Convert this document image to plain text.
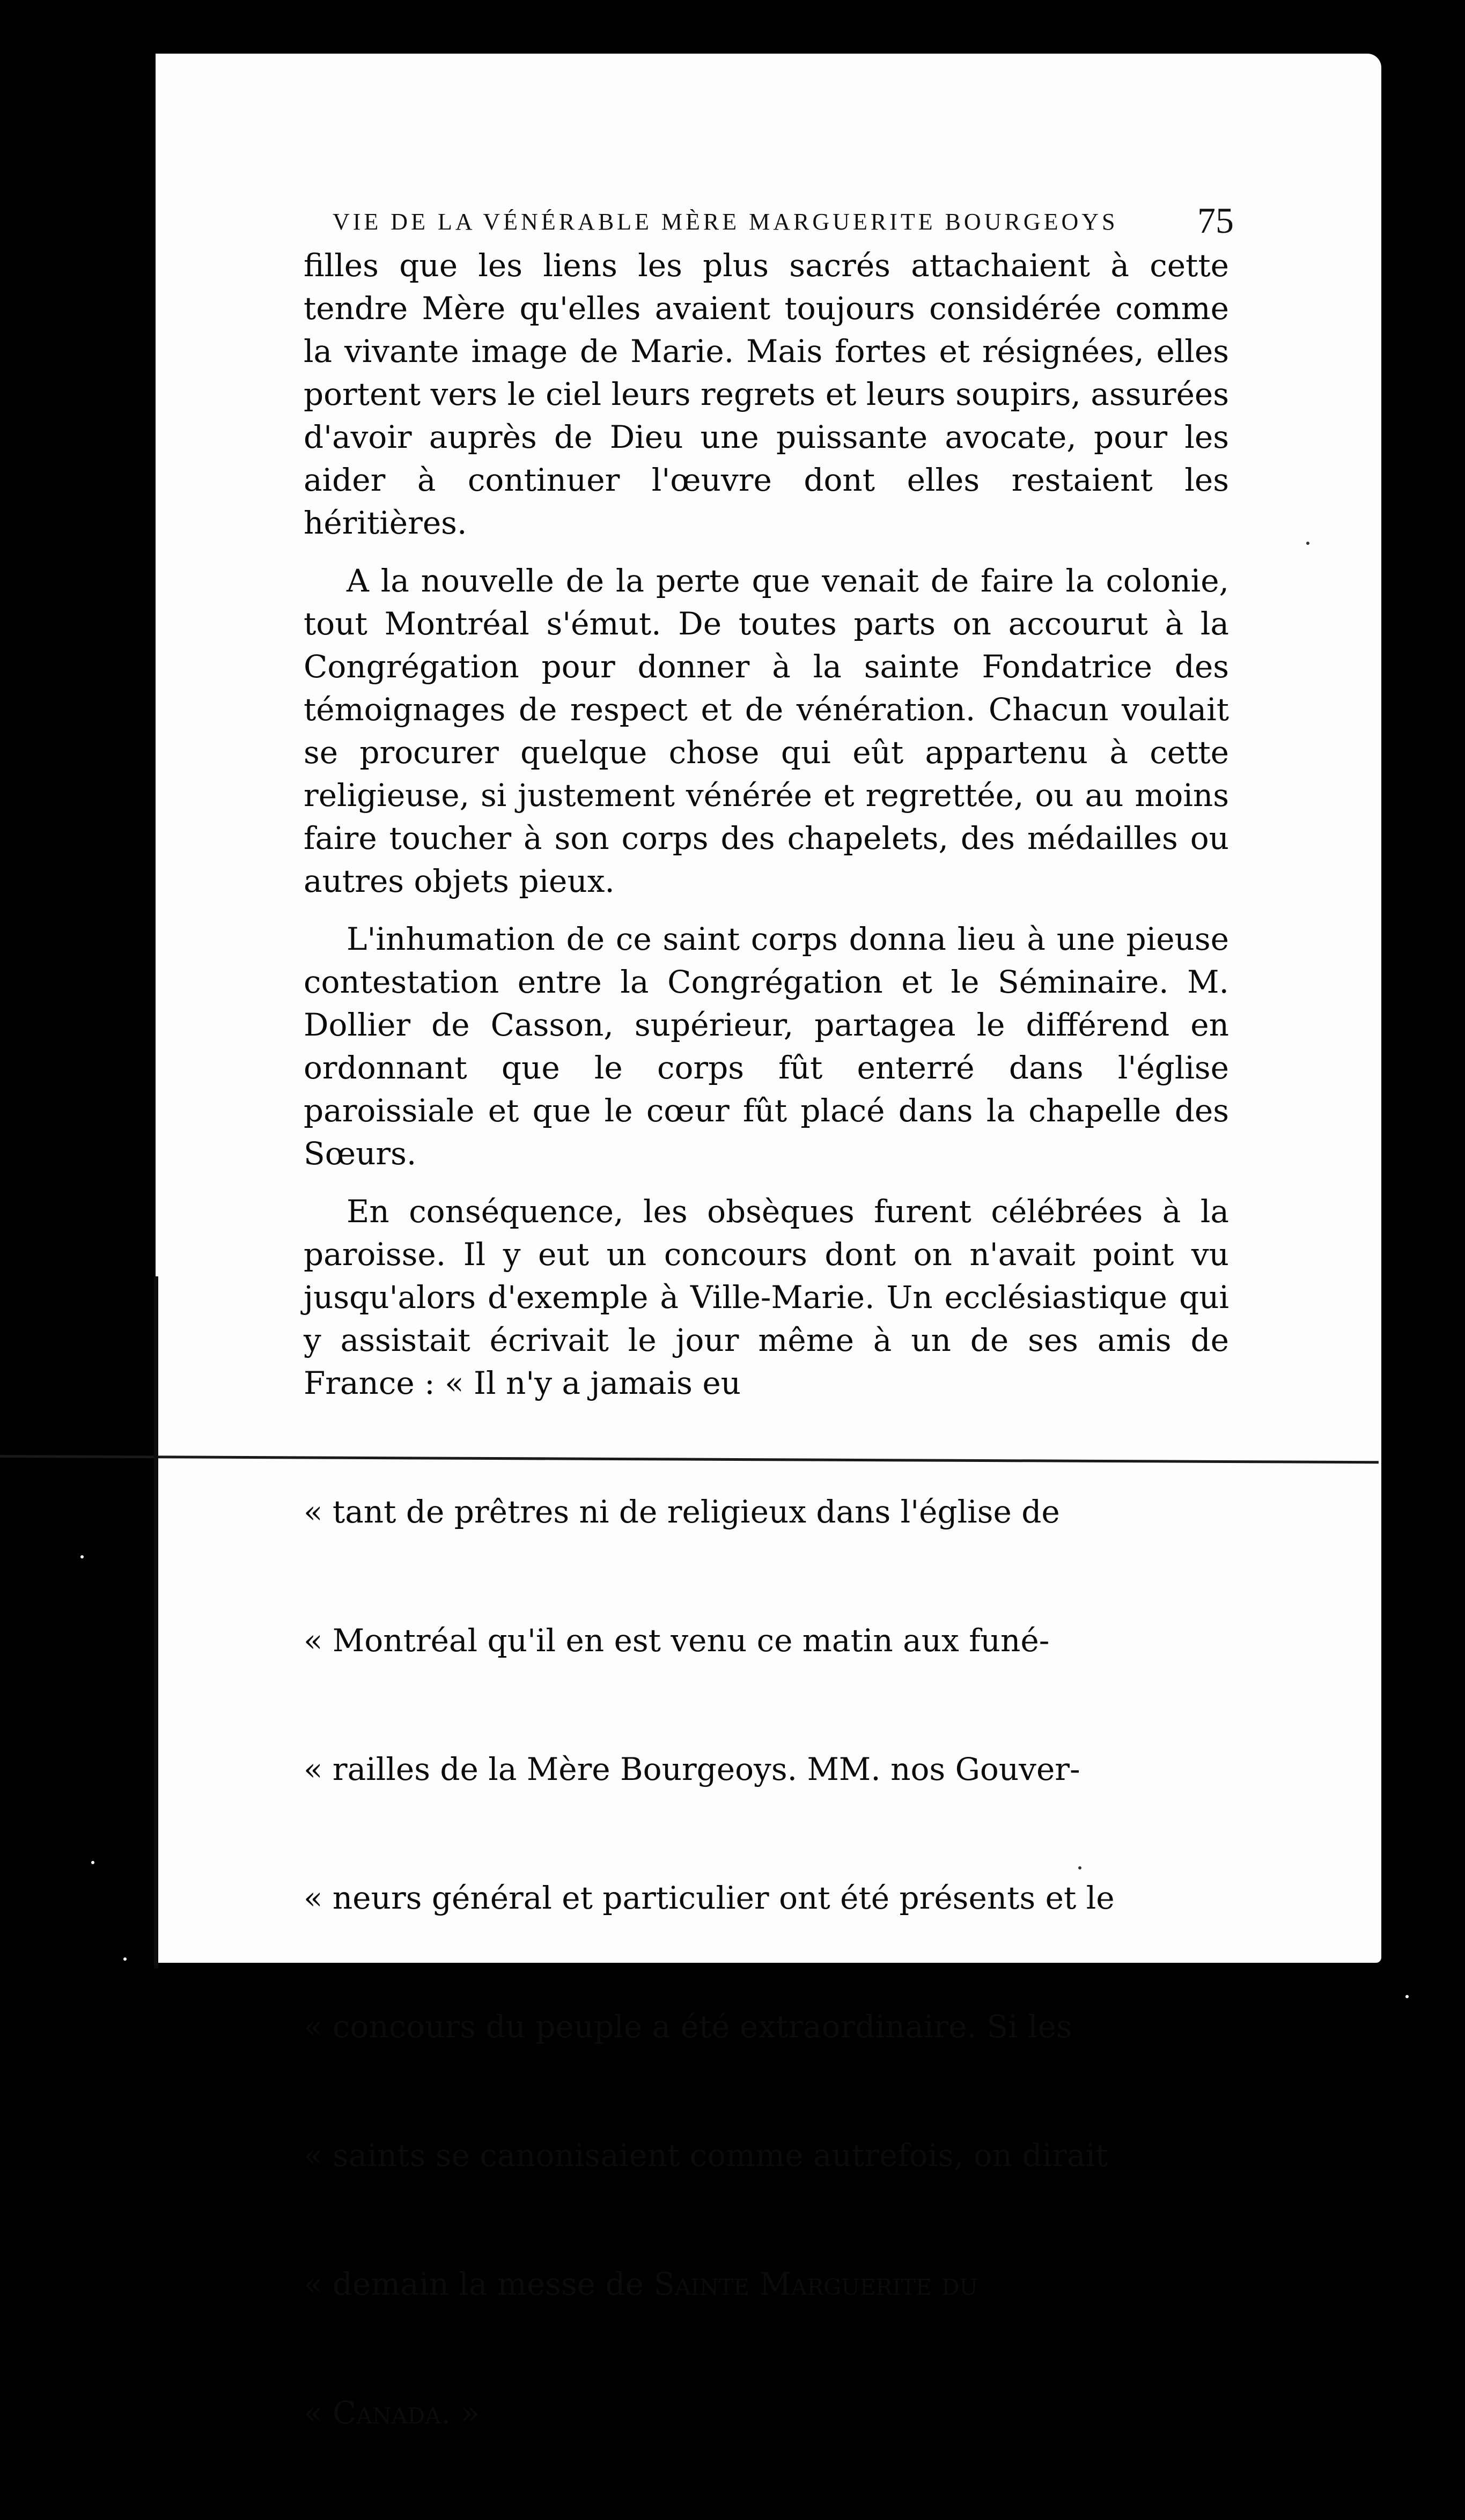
VIE DE LA VÉNÉRABLE MÈRE MARGUERITE BOURGEOYS	75

filles que les liens les plus sacrés attachaient à cette tendre Mère qu'elles avaient toujours considérée comme la vivante image de Marie. Mais fortes et résignées, elles portent vers le ciel leurs regrets et leurs soupirs, assurées d'avoir auprès de Dieu une puissante avocate, pour les aider à continuer l'œuvre dont elles restaient les héritières.

A la nouvelle de la perte que venait de faire la colonie, tout Montréal s'émut. De toutes parts on accourut à la Congrégation pour donner à la sainte Fondatrice des témoignages de respect et de vénération. Chacun voulait se procurer quelque chose qui eût appartenu à cette religieuse, si justement vénérée et regrettée, ou au moins faire toucher à son corps des chapelets, des médailles ou autres objets pieux.

L'inhumation de ce saint corps donna lieu à une pieuse contestation entre la Congrégation et le Séminaire. M. Dollier de Casson, supérieur, partagea le différend en ordonnant que le corps fût enterré dans l'église paroissiale et que le cœur fût placé dans la chapelle des Sœurs.

En conséquence, les obsèques furent célébrées à la paroisse. Il y eut un concours dont on n'avait point vu jusqu'alors d'exemple à Ville-Marie. Un ecclésiastique qui y assistait écrivait le jour même à un de ses amis de France : « Il n'y a jamais eu

« tant de prêtres ni de religieux dans l'église de

« Montréal qu'il en est venu ce matin aux funé-

« railles de la Mère Bourgeoys. MM. nos Gouver-

« neurs général et particulier ont été présents et le

« concours du peuple a été extraordinaire. Si les

« saints se canonisaient comme autrefois, on dirait

« demain la messe de Sainte Marguerite du

« Canada. »
